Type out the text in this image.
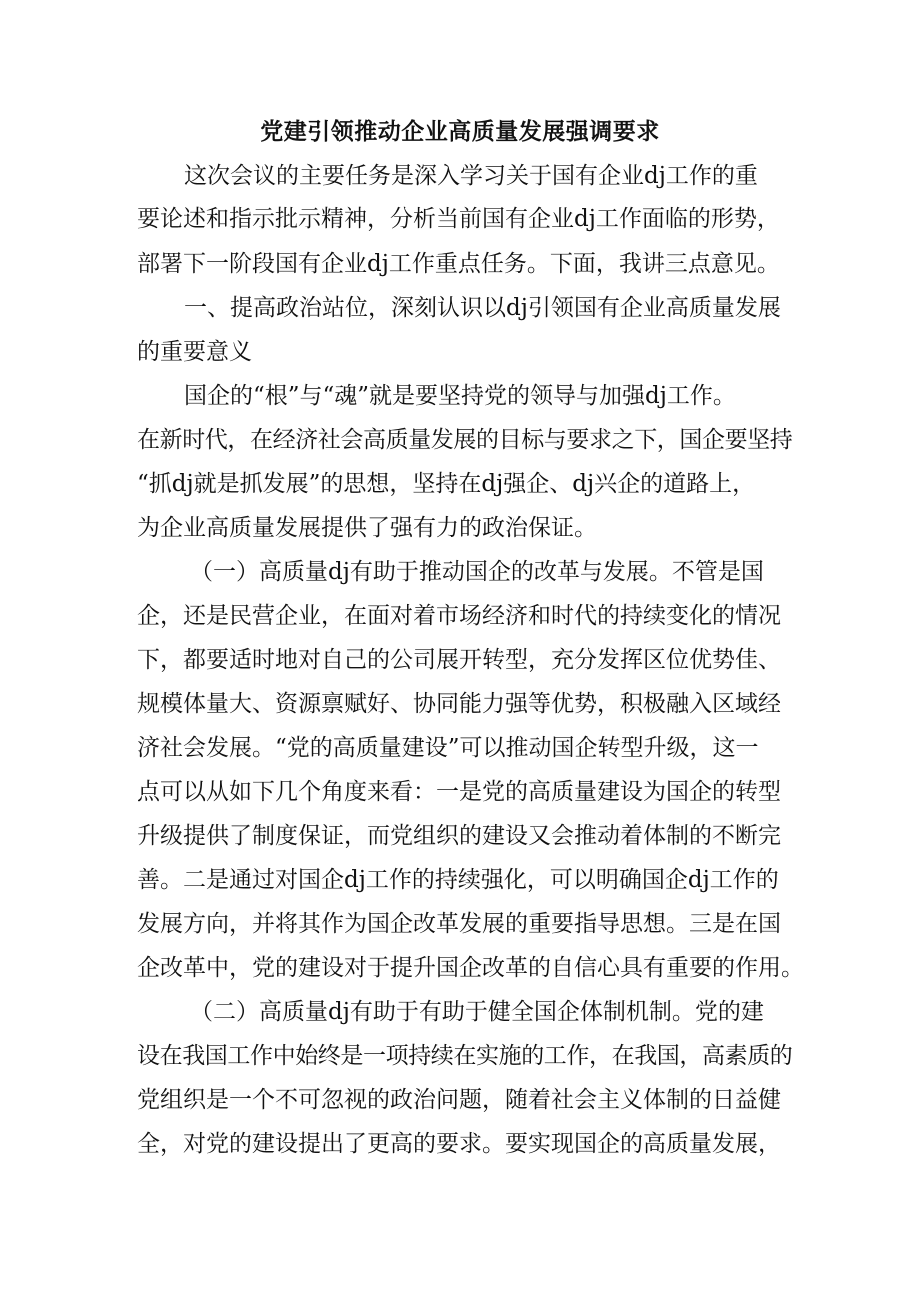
党建引领推动企业高质量发展强调要求
这次会议的主要任务是深入学习关于国有企业dj工作的重
要论述和指示批示精神，分析当前国有企业dj工作面临的形势，
部署下一阶段国有企业dj工作重点任务。下面，我讲三点意见。
一、提高政治站位，深刻认识以dj引领国有企业高质量发展
的重要意义
国企的“根”与“魂”就是要坚持党的领导与加强dj工作。
在新时代，在经济社会高质量发展的目标与要求之下，国企要坚持
“抓dj就是抓发展”的思想，坚持在dj强企、dj兴企的道路上，
为企业高质量发展提供了强有力的政治保证。
（一）高质量dj有助于推动国企的改革与发展。不管是国
企，还是民营企业，在面对着市场经济和时代的持续变化的情况
下，都要适时地对自己的公司展开转型，充分发挥区位优势佳、
规模体量大、资源禀赋好、协同能力强等优势，积极融入区域经
济社会发展。“党的高质量建设”可以推动国企转型升级，这一
点可以从如下几个角度来看：一是党的高质量建设为国企的转型
升级提供了制度保证，而党组织的建设又会推动着体制的不断完
善。二是通过对国企dj工作的持续强化，可以明确国企dj工作的
发展方向，并将其作为国企改革发展的重要指导思想。三是在国
企改革中，党的建设对于提升国企改革的自信心具有重要的作用。
（二）高质量dj有助于有助于健全国企体制机制。党的建
设在我国工作中始终是一项持续在实施的工作，在我国，高素质的
党组织是一个不可忽视的政治问题，随着社会主义体制的日益健
全，对党的建设提出了更高的要求。要实现国企的高质量发展，
